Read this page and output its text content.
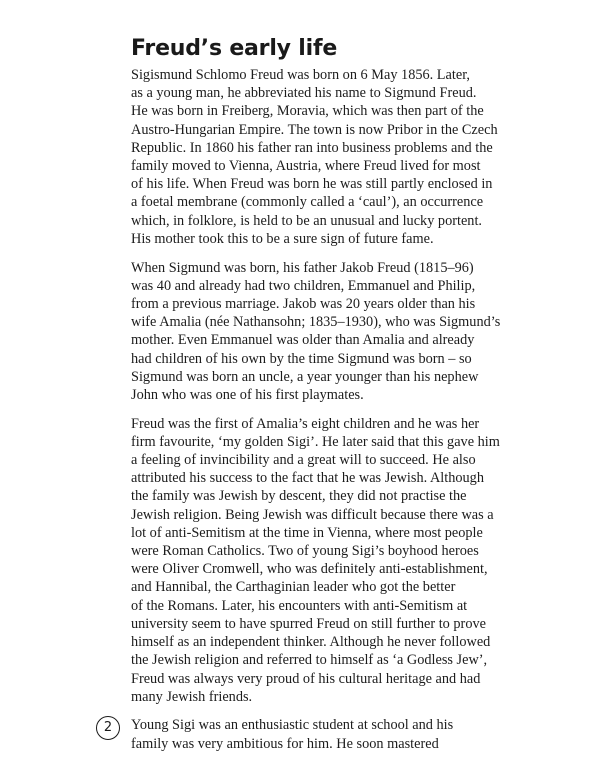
Freud’s early life

Sigismund Schlomo Freud was born on 6 May 1856. Later,
as a young man, he abbreviated his name to Sigmund Freud.
He was born in Freiberg, Moravia, which was then part of the
Austro-Hungarian Empire. The town is now Pribor in the Czech
Republic. In 1860 his father ran into business problems and the
family moved to Vienna, Austria, where Freud lived for most
of his life. When Freud was born he was still partly enclosed in
a foetal membrane (commonly called a ‘caul’), an occurrence
which, in folklore, is held to be an unusual and lucky portent.
His mother took this to be a sure sign of future fame.

When Sigmund was born, his father Jakob Freud (1815–96)
was 40 and already had two children, Emmanuel and Philip,
from a previous marriage. Jakob was 20 years older than his
wife Amalia (née Nathansohn; 1835–1930), who was Sigmund’s
mother. Even Emmanuel was older than Amalia and already
had children of his own by the time Sigmund was born – so
Sigmund was born an uncle, a year younger than his nephew
John who was one of his first playmates.

Freud was the first of Amalia’s eight children and he was her
firm favourite, ‘my golden Sigi’. He later said that this gave him
a feeling of invincibility and a great will to succeed. He also
attributed his success to the fact that he was Jewish. Although
the family was Jewish by descent, they did not practise the
Jewish religion. Being Jewish was difficult because there was a
lot of anti-Semitism at the time in Vienna, where most people
were Roman Catholics. Two of young Sigi’s boyhood heroes
were Oliver Cromwell, who was definitely anti-establishment,
and Hannibal, the Carthaginian leader who got the better
of the Romans. Later, his encounters with anti-Semitism at
university seem to have spurred Freud on still further to prove
himself as an independent thinker. Although he never followed
the Jewish religion and referred to himself as ‘a Godless Jew’,
Freud was always very proud of his cultural heritage and had
many Jewish friends.

Young Sigi was an enthusiastic student at school and his
family was very ambitious for him. He soon mastered

2
